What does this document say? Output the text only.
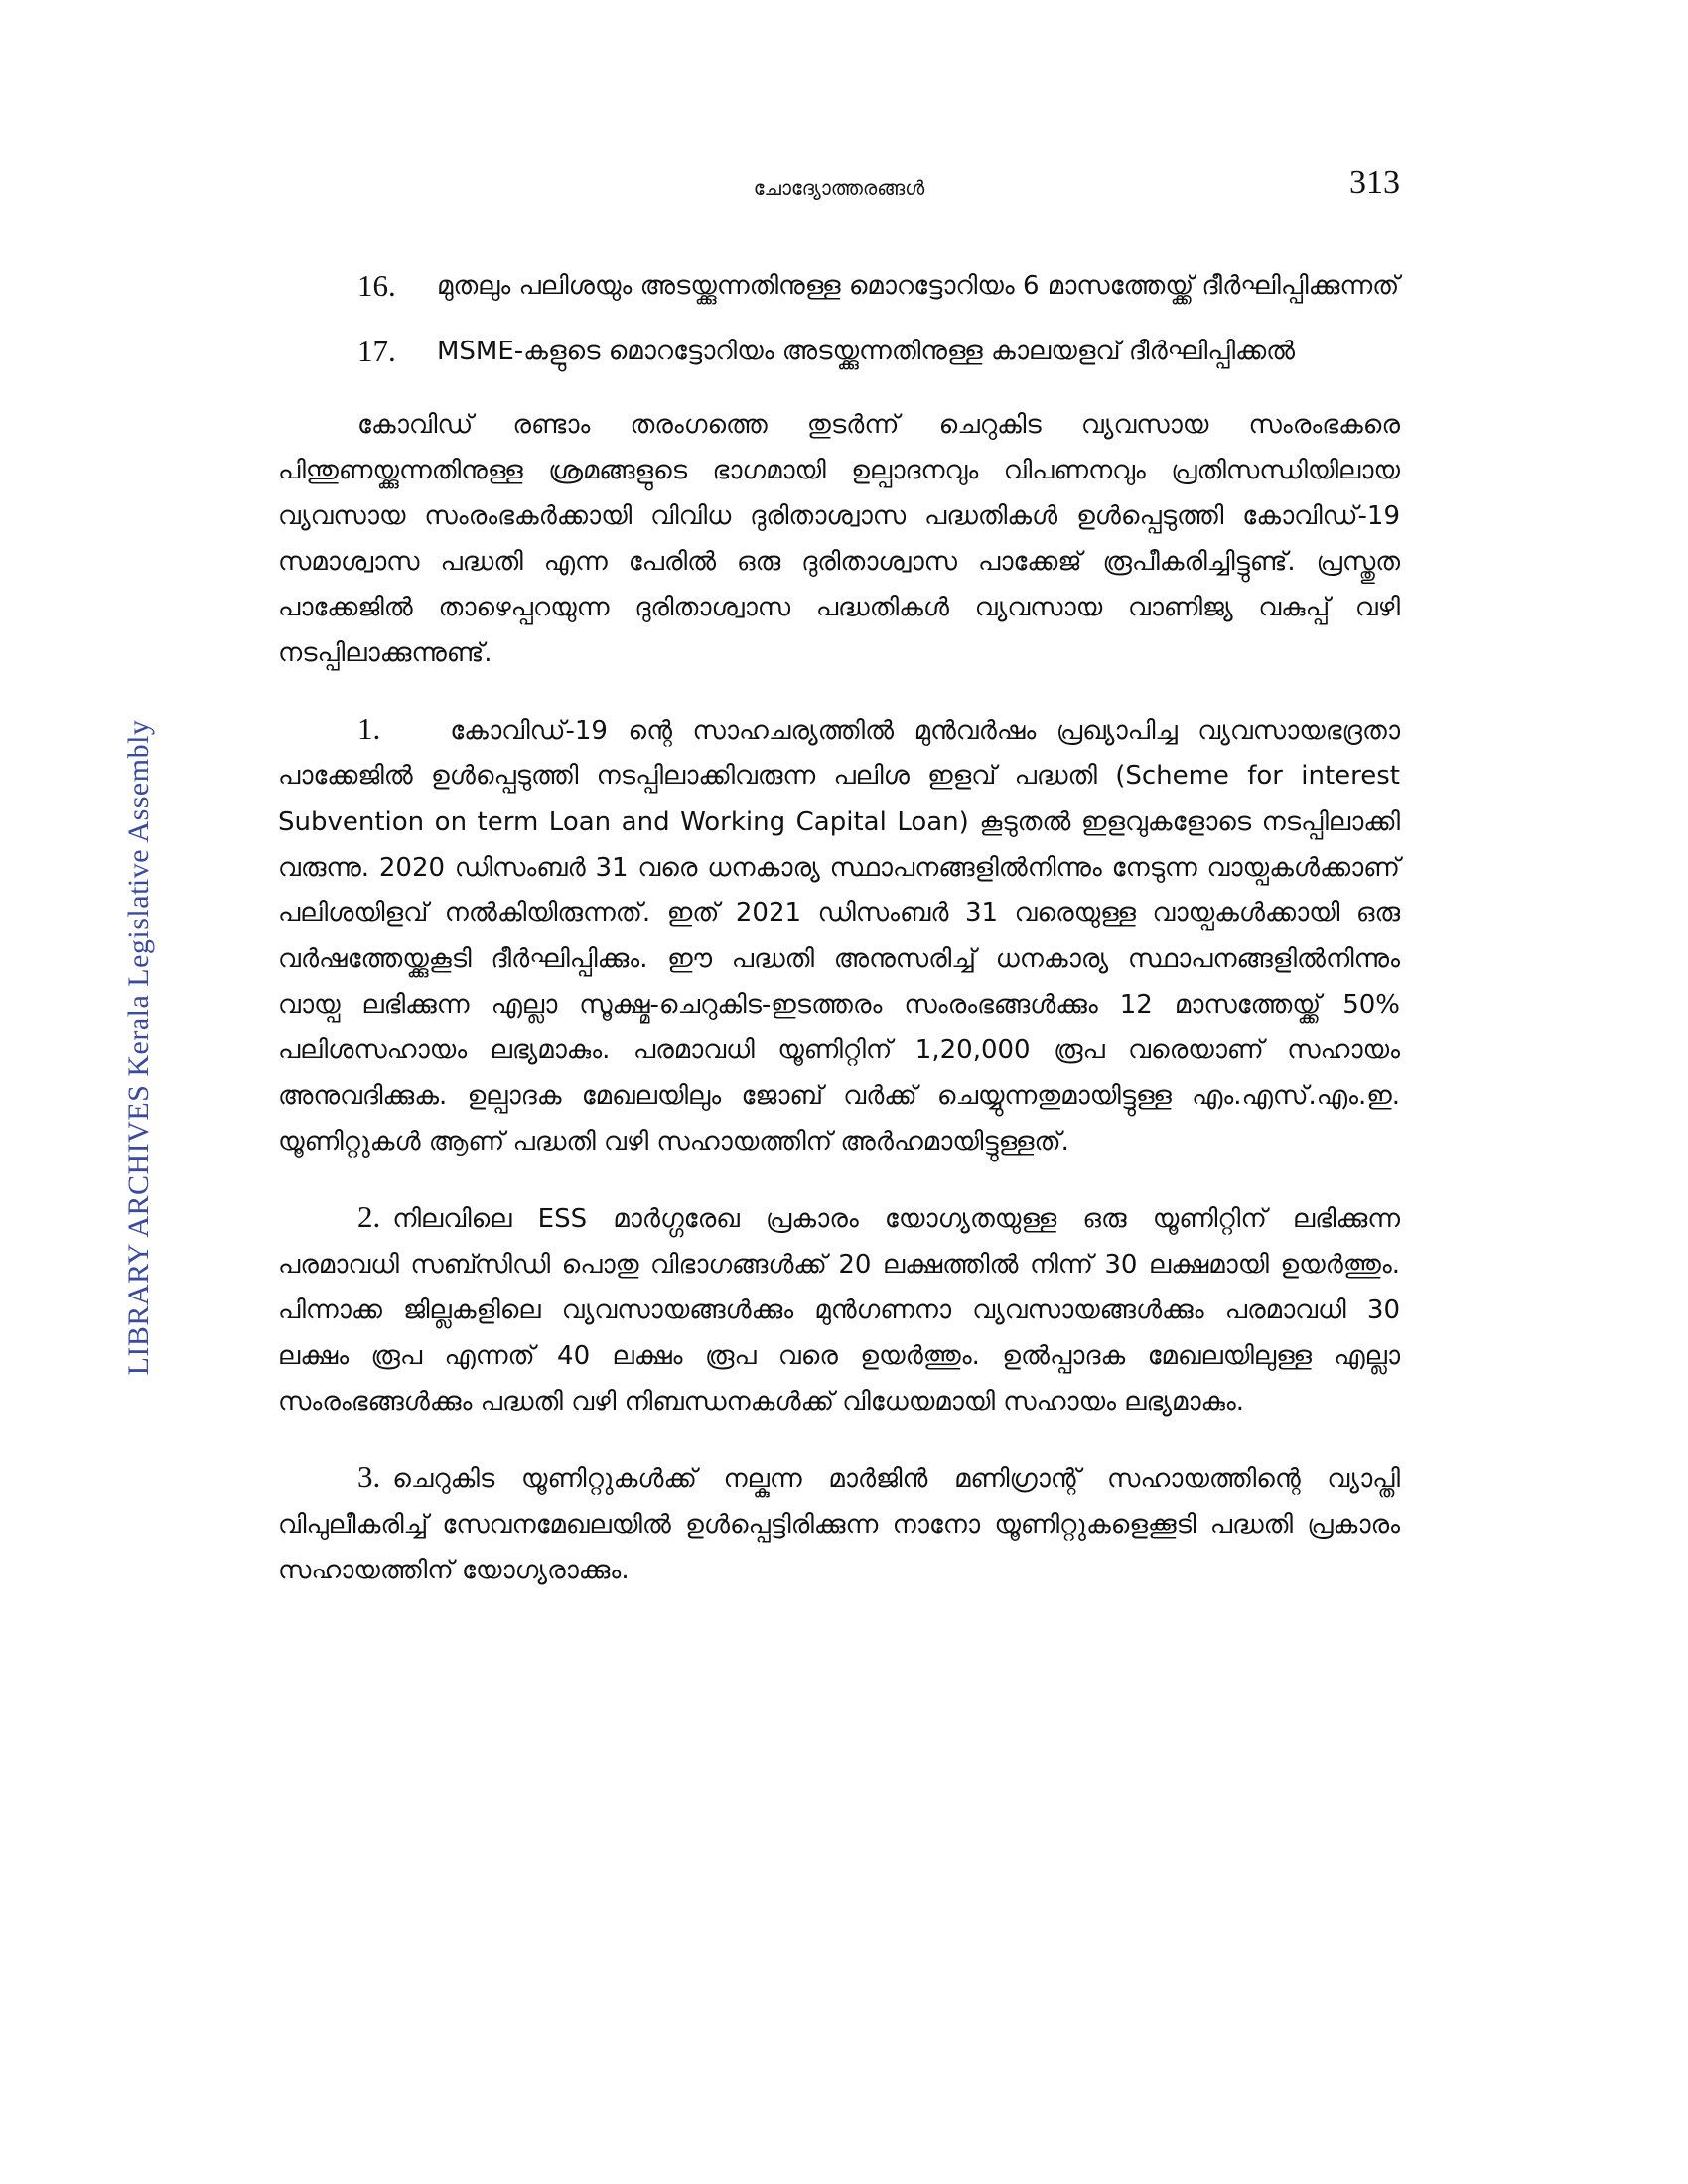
LIBRARY ARCHIVES Kerala Legislative Assembly
ചോദ്യോത്തരങ്ങൾ	313
16.	മുതലും പലിശയും അടയ്ക്കുന്നതിനുള്ള മൊറട്ടോറിയം 6 മാസത്തേയ്ക്ക് ദീർഘിപ്പിക്കുന്നത്
17.	MSME-കളുടെ മൊറട്ടോറിയം അടയ്ക്കുന്നതിനുള്ള കാലയളവ് ദീർഘിപ്പിക്കൽ

കോവിഡ് രണ്ടാം തരംഗത്തെ തുടർന്ന് ചെറുകിട വ്യവസായ സംരംഭകരെ പിന്തുണയ്ക്കുന്നതിനുള്ള ശ്രമങ്ങളുടെ ഭാഗമായി ഉല്പാദനവും വിപണനവും പ്രതിസന്ധിയിലായ വ്യവസായ സംരംഭകർക്കായി വിവിധ ദുരിതാശ്വാസ പദ്ധതികൾ ഉൾപ്പെടുത്തി കോവിഡ്-19 സമാശ്വാസ പദ്ധതി എന്ന പേരിൽ ഒരു ദുരിതാശ്വാസ പാക്കേജ് രൂപീകരിച്ചിട്ടുണ്ട്. പ്രസ്തുത പാക്കേജിൽ താഴെപ്പറയുന്ന ദുരിതാശ്വാസ പദ്ധതികൾ വ്യവസായ വാണിജ്യ വകുപ്പ് വഴി നടപ്പിലാക്കുന്നുണ്ട്.

1.	കോവിഡ്-19 ന്റെ സാഹചര്യത്തിൽ മുൻവർഷം പ്രഖ്യാപിച്ച വ്യവസായഭദ്രതാ പാക്കേജിൽ ഉൾപ്പെടുത്തി നടപ്പിലാക്കിവരുന്ന പലിശ ഇളവ് പദ്ധതി (Scheme for interest Subvention on term Loan and Working Capital Loan) കൂടുതൽ ഇളവുകളോടെ നടപ്പിലാക്കി വരുന്നു. 2020 ഡിസംബർ 31 വരെ ധനകാര്യ സ്ഥാപനങ്ങളിൽനിന്നും നേടുന്ന വായ്പകൾക്കാണ് പലിശയിളവ് നൽകിയിരുന്നത്. ഇത് 2021 ഡിസംബർ 31 വരെയുള്ള വായ്പകൾക്കായി ഒരു വർഷത്തേയ്ക്കുകൂടി ദീർഘിപ്പിക്കും. ഈ പദ്ധതി അനുസരിച്ച് ധനകാര്യ സ്ഥാപനങ്ങളിൽനിന്നും വായ്പ ലഭിക്കുന്ന എല്ലാ സൂക്ഷ്മ-ചെറുകിട-ഇടത്തരം സംരംഭങ്ങൾക്കും 12 മാസത്തേയ്ക്ക് 50% പലിശസഹായം ലഭ്യമാകും. പരമാവധി യൂണിറ്റിന് 1,20,000 രൂപ വരെയാണ് സഹായം അനുവദിക്കുക. ഉല്പാദക മേഖലയിലും ജോബ് വർക്ക് ചെയ്യുന്നതുമായിട്ടുള്ള എം.എസ്.എം.ഇ. യൂണിറ്റുകൾ ആണ് പദ്ധതി വഴി സഹായത്തിന് അർഹമായിട്ടുള്ളത്.

2. നിലവിലെ ESS മാർഗ്ഗരേഖ പ്രകാരം യോഗ്യതയുള്ള ഒരു യൂണിറ്റിന് ലഭിക്കുന്ന പരമാവധി സബ്സിഡി പൊതു വിഭാഗങ്ങൾക്ക് 20 ലക്ഷത്തിൽ നിന്ന് 30 ലക്ഷമായി ഉയർത്തും. പിന്നാക്ക ജില്ലകളിലെ വ്യവസായങ്ങൾക്കും മുൻഗണനാ വ്യവസായങ്ങൾക്കും പരമാവധി 30 ലക്ഷം രൂപ എന്നത് 40 ലക്ഷം രൂപ വരെ ഉയർത്തും. ഉൽപ്പാദക മേഖലയിലുള്ള എല്ലാ സംരംഭങ്ങൾക്കും പദ്ധതി വഴി നിബന്ധനകൾക്ക് വിധേയമായി സഹായം ലഭ്യമാകും.

3. ചെറുകിട യൂണിറ്റുകൾക്ക് നല്കുന്ന മാർജിൻ മണിഗ്രാന്റ് സഹായത്തിന്റെ വ്യാപ്തി വിപുലീകരിച്ച് സേവനമേഖലയിൽ ഉൾപ്പെട്ടിരിക്കുന്ന നാനോ യൂണിറ്റുകളെക്കൂടി പദ്ധതി പ്രകാരം സഹായത്തിന് യോഗ്യരാക്കും.
